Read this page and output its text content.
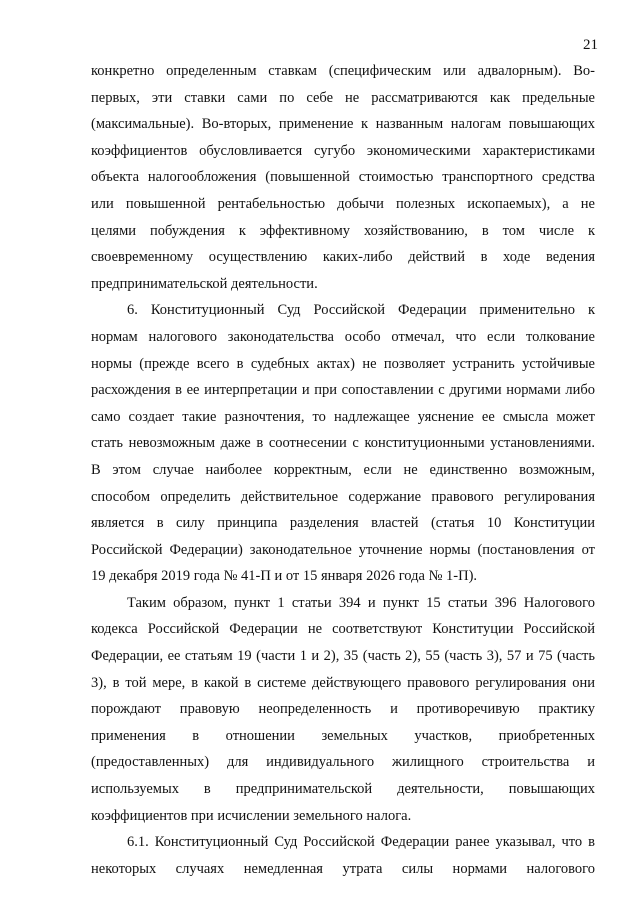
21

конкретно определенным ставкам (специфическим или адвалорным). Во-

первых, эти ставки сами по себе не рассматриваются как предельные

(максимальные). Во-вторых, применение к названным налогам повышающих

коэффициентов обусловливается сугубо экономическими характеристиками

объекта налогообложения (повышенной стоимостью транспортного средства

или повышенной рентабельностью добычи полезных ископаемых), а не

целями побуждения к эффективному хозяйствованию, в том числе к

своевременному осуществлению каких-либо действий в ходе ведения

предпринимательской деятельности.

6. Конституционный Суд Российской Федерации применительно к

нормам налогового законодательства особо отмечал, что если толкование

нормы (прежде всего в судебных актах) не позволяет устранить устойчивые

расхождения в ее интерпретации и при сопоставлении с другими нормами либо

само создает такие разночтения, то надлежащее уяснение ее смысла может

стать невозможным даже в соотнесении с конституционными установлениями.

В этом случае наиболее корректным, если не единственно возможным,

способом определить действительное содержание правового регулирования

является в силу принципа разделения властей (статья 10 Конституции

Российской Федерации) законодательное уточнение нормы (постановления от

19 декабря 2019 года № 41-П и от 15 января 2026 года № 1-П).

Таким образом, пункт 1 статьи 394 и пункт 15 статьи 396 Налогового

кодекса Российской Федерации не соответствуют Конституции Российской

Федерации, ее статьям 19 (части 1 и 2), 35 (часть 2), 55 (часть 3), 57 и 75 (часть

3), в той мере, в какой в системе действующего правового регулирования они

порождают правовую неопределенность и противоречивую практику

применения в отношении земельных участков, приобретенных

(предоставленных) для индивидуального жилищного строительства и

используемых в предпринимательской деятельности, повышающих

коэффициентов при исчислении земельного налога.

6.1. Конституционный Суд Российской Федерации ранее указывал, что в

некоторых случаях немедленная утрата силы нормами налогового
